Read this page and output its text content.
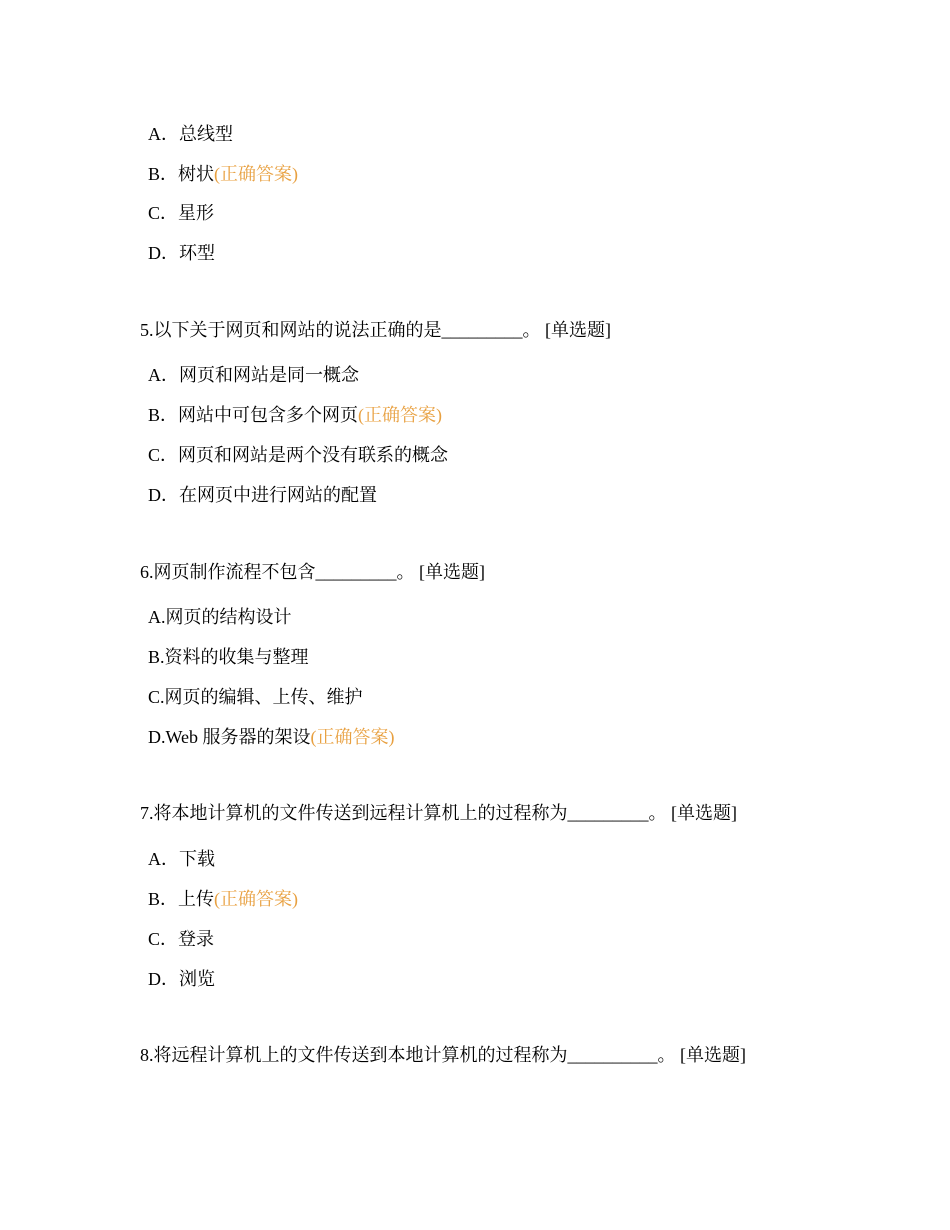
A．总线型
B．树状(正确答案)
C．星形
D．环型
5.以下关于网页和网站的说法正确的是_________。 [单选题]
A．网页和网站是同一概念
B．网站中可包含多个网页(正确答案)
C．网页和网站是两个没有联系的概念
D．在网页中进行网站的配置
6.网页制作流程不包含_________。 [单选题]
A.网页的结构设计
B.资料的收集与整理
C.网页的编辑、上传、维护
D.Web 服务器的架设(正确答案)
7.将本地计算机的文件传送到远程计算机上的过程称为_________。 [单选题]
A．下载
B．上传(正确答案)
C．登录
D．浏览
8.将远程计算机上的文件传送到本地计算机的过程称为__________。 [单选题]
